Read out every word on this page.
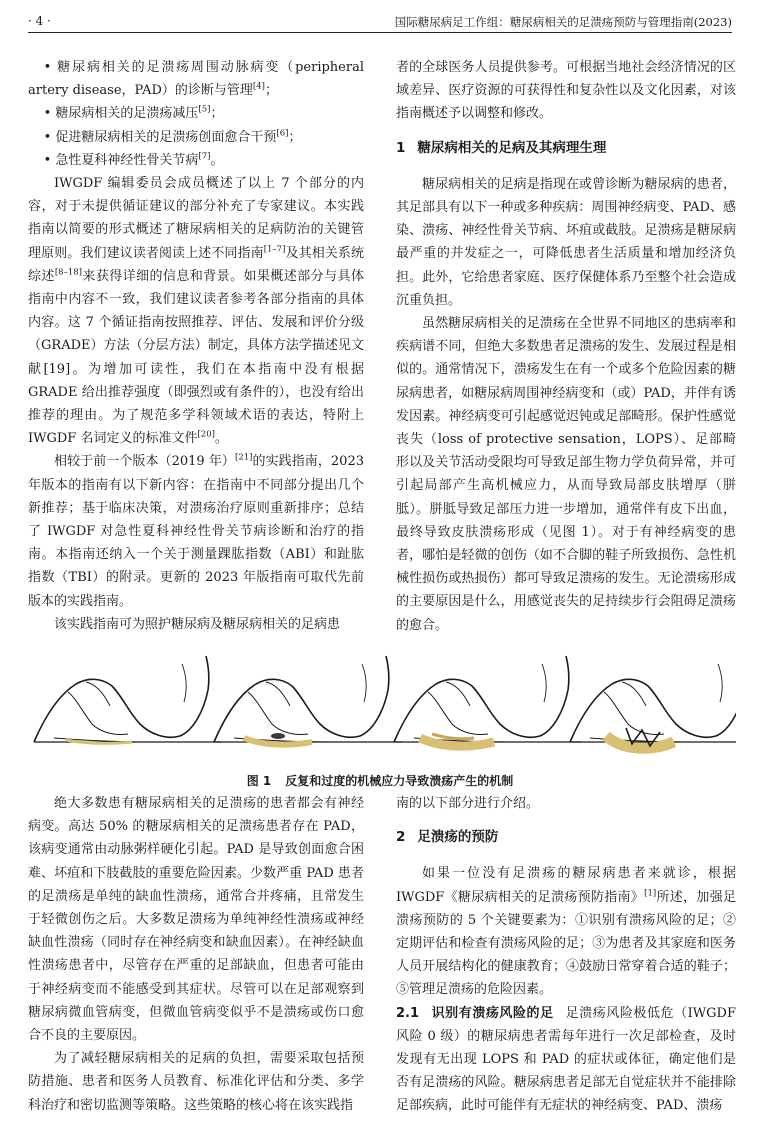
· 4 ·	国际糖尿病足工作组：糖尿病相关的足溃疡预防与管理指南(2023)

• 糖尿病相关的足溃疡周围动脉病变（peripheral artery disease，PAD）的诊断与管理[4]；

• 糖尿病相关的足溃疡减压[5]；

• 促进糖尿病相关的足溃疡创面愈合干预[6]；

• 急性夏科神经性骨关节病[7]。

IWGDF 编辑委员会成员概述了以上 7 个部分的内容，对于未提供循证建议的部分补充了专家建议。本实践指南以简要的形式概述了糖尿病相关的足病防治的关键管理原则。我们建议读者阅读上述不同指南[1–7]及其相关系统综述[8–18]来获得详细的信息和背景。如果概述部分与具体指南中内容不一致，我们建议读者参考各部分指南的具体内容。这 7 个循证指南按照推荐、评估、发展和评价分级（GRADE）方法（分层方法）制定，具体方法学描述见文献[19]。为增加可读性，我们在本指南中没有根据 GRADE 给出推荐强度（即强烈或有条件的），也没有给出推荐的理由。为了规范多学科领域术语的表达，特附上 IWGDF 名词定义的标准文件[20]。

相较于前一个版本（2019 年）[21]的实践指南，2023 年版本的指南有以下新内容：在指南中不同部分提出几个新推荐；基于临床决策，对溃疡治疗原则重新排序；总结了 IWGDF 对急性夏科神经性骨关节病诊断和治疗的指南。本指南还纳入一个关于测量踝肱指数（ABI）和趾肱指数（TBI）的附录。更新的 2023 年版指南可取代先前版本的实践指南。

该实践指南可为照护糖尿病及糖尿病相关的足病患

者的全球医务人员提供参考。可根据当地社会经济情况的区域差异、医疗资源的可获得性和复杂性以及文化因素，对该指南概述予以调整和修改。

1 糖尿病相关的足病及其病理生理

糖尿病相关的足病是指现在或曾诊断为糖尿病的患者，其足部具有以下一种或多种疾病：周围神经病变、PAD、感染、溃疡、神经性骨关节病、坏疽或截肢。足溃疡是糖尿病最严重的并发症之一，可降低患者生活质量和增加经济负担。此外，它给患者家庭、医疗保健体系乃至整个社会造成沉重负担。

虽然糖尿病相关的足溃疡在全世界不同地区的患病率和疾病谱不同，但绝大多数患者足溃疡的发生、发展过程是相似的。通常情况下，溃疡发生在有一个或多个危险因素的糖尿病患者，如糖尿病周围神经病变和（或）PAD，并伴有诱发因素。神经病变可引起感觉迟钝或足部畸形。保护性感觉丧失（loss of protective sensation，LOPS）、足部畸形以及关节活动受限均可导致足部生物力学负荷异常，并可引起局部产生高机械应力，从而导致局部皮肤增厚（胼胝）。胼胝导致足部压力进一步增加，通常伴有皮下出血，最终导致皮肤溃疡形成（见图 1）。对于有神经病变的患者，哪怕是轻微的创伤（如不合脚的鞋子所致损伤、急性机械性损伤或热损伤）都可导致足溃疡的发生。无论溃疡形成的主要原因是什么，用感觉丧失的足持续步行会阻碍足溃疡的愈合。

图 1 反复和过度的机械应力导致溃疡产生的机制

绝大多数患有糖尿病相关的足溃疡的患者都会有神经病变。高达 50% 的糖尿病相关的足溃疡患者存在 PAD，该病变通常由动脉粥样硬化引起。PAD 是导致创面愈合困难、坏疽和下肢截肢的重要危险因素。少数严重 PAD 患者的足溃疡是单纯的缺血性溃疡，通常合并疼痛，且常发生于轻微创伤之后。大多数足溃疡为单纯神经性溃疡或神经缺血性溃疡（同时存在神经病变和缺血因素）。在神经缺血性溃疡患者中，尽管存在严重的足部缺血，但患者可能由于神经病变而不能感受到其症状。尽管可以在足部观察到糖尿病微血管病变，但微血管病变似乎不是溃疡或伤口愈合不良的主要原因。

为了减轻糖尿病相关的足病的负担，需要采取包括预防措施、患者和医务人员教育、标准化评估和分类、多学科治疗和密切监测等策略。这些策略的核心将在该实践指

南的以下部分进行介绍。

2 足溃疡的预防

如果一位没有足溃疡的糖尿病患者来就诊，根据 IWGDF《糖尿病相关的足溃疡预防指南》[1]所述，加强足溃疡预防的 5 个关键要素为：①识别有溃疡风险的足；②定期评估和检查有溃疡风险的足；③为患者及其家庭和医务人员开展结构化的健康教育；④鼓励日常穿着合适的鞋子；⑤管理足溃疡的危险因素。

2.1 识别有溃疡风险的足 足溃疡风险极低危（IWGDF 风险 0 级）的糖尿病患者需每年进行一次足部检查，及时发现有无出现 LOPS 和 PAD 的症状或体征，确定他们是否有足溃疡的风险。糖尿病患者足部无自觉症状并不能排除足部疾病，此时可能伴有无症状的神经病变、PAD、溃疡
